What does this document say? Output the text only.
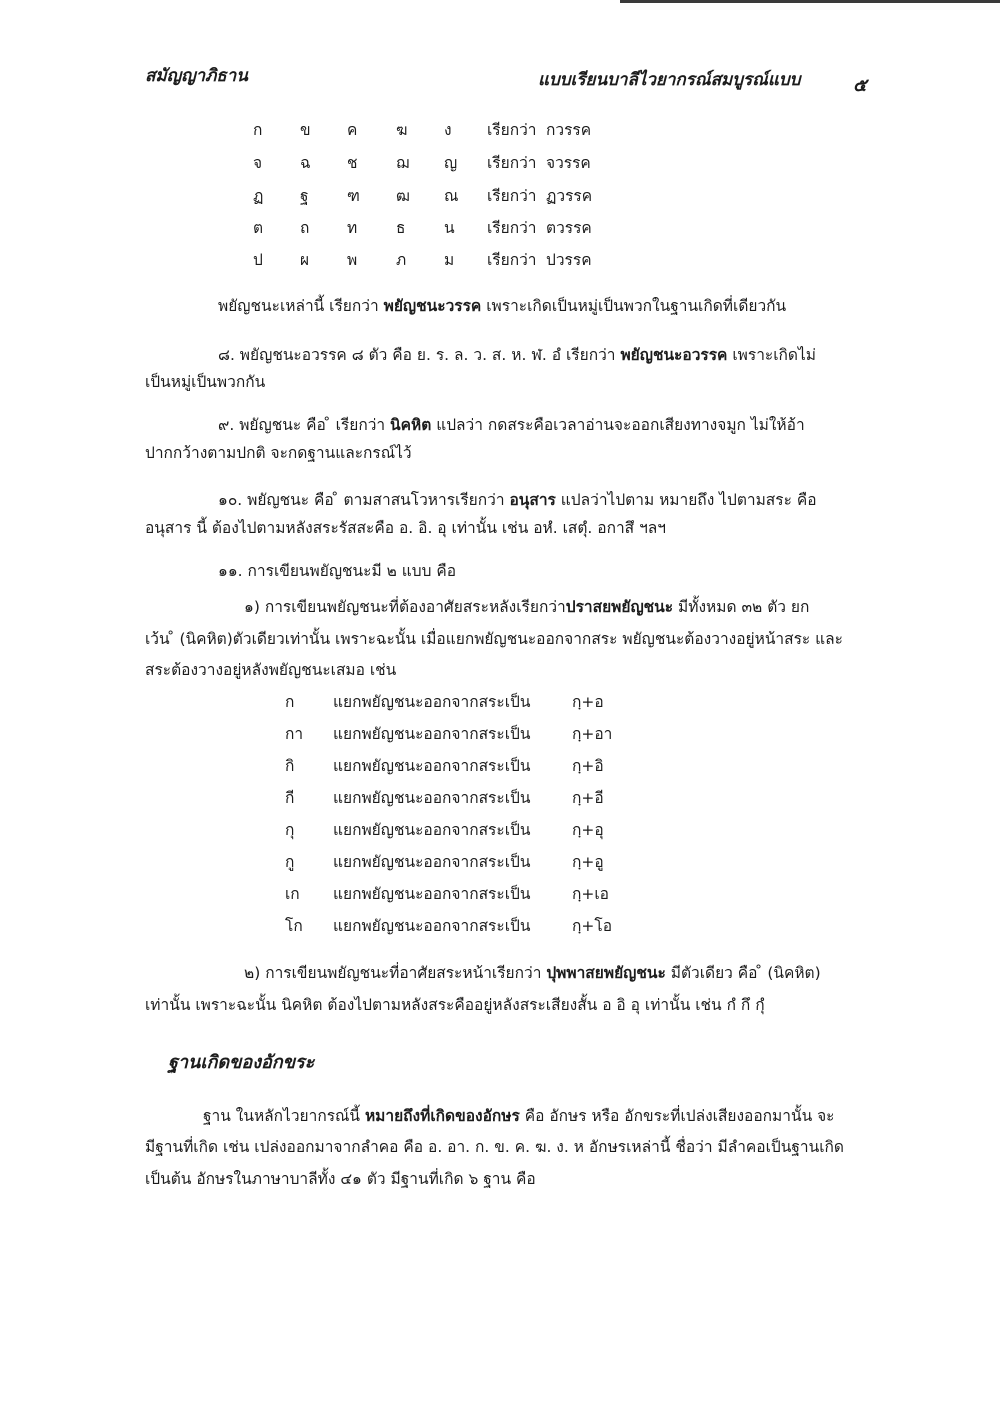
สมัญญาภิธาน	แบบเรียนบาลีไวยากรณ์สมบูรณ์แบบ	๕
ก ข ค ฆ ง เรียกว่า กวรรค
จ ฉ ช ฌ ญ เรียกว่า จวรรค
ฏ ฐ ฑ ฒ ณ เรียกว่า ฏวรรค
ต ถ ท	ธ น เรียกว่า ตวรรค
ป ผ พ	ภ ม เรียกว่า ปวรรค
พยัญชนะเหล่านี้ เรียกว่า พยัญชนะวรรค เพราะเกิดเป็นหมู่เป็นพวกในฐานเกิดที่เดียวกัน
๘. พยัญชนะอวรรค ๘ ตัว คือ ย. ร. ล. ว. ส. ห. ฬ. อํ เรียกว่า พยัญชนะอวรรค เพราะเกิดไม่
เป็นหมู่เป็นพวกกัน
๙. พยัญชนะ คือ ̊ เรียกว่า นิคหิต แปลว่า กดสระคือเวลาอ่านจะออกเสียงทางจมูก ไม่ให้อ้า
ปากกว้างตามปกติ จะกดฐานและกรณ์ไว้
๑๐. พยัญชนะ คือ ̊ ตามสาสนโวหารเรียกว่า อนุสาร แปลว่าไปตาม หมายถึง ไปตามสระ คือ
อนุสาร นี้ ต้องไปตามหลังสระรัสสะคือ อ. อิ. อุ เท่านั้น เช่น อหํ. เสตุํ. อกาสึ ฯลฯ
๑๑. การเขียนพยัญชนะมี ๒ แบบ คือ
๑) การเขียนพยัญชนะที่ต้องอาศัยสระหลังเรียกว่าปราสยพยัญชนะ มีทั้งหมด ๓๒ ตัว ยก
เว้น ̊ (นิคหิต)ตัวเดียวเท่านั้น เพราะฉะนั้น เมื่อแยกพยัญชนะออกจากสระ พยัญชนะต้องวางอยู่หน้าสระ และ
สระต้องวางอยู่หลังพยัญชนะเสมอ เช่น
ก แยกพยัญชนะออกจากสระเป็น	กฺ+อ
กา แยกพยัญชนะออกจากสระเป็น	กฺ+อา
กิ แยกพยัญชนะออกจากสระเป็น	กฺ+อิ
กี แยกพยัญชนะออกจากสระเป็น	กฺ+อี
กุ แยกพยัญชนะออกจากสระเป็น	กฺ+อุ
กู แยกพยัญชนะออกจากสระเป็น	กฺ+อู
เก แยกพยัญชนะออกจากสระเป็น	กฺ+เอ
โก แยกพยัญชนะออกจากสระเป็น	กฺ+โอ
๒) การเขียนพยัญชนะที่อาศัยสระหน้าเรียกว่า ปุพพาสยพยัญชนะ มีตัวเดียว คือ ̊ (นิคหิต)
เท่านั้น เพราะฉะนั้น นิคหิต ต้องไปตามหลังสระคืออยู่หลังสระเสียงสั้น อ อิ อุ เท่านั้น เช่น กํ กึ กุํ
ฐานเกิดของอักขระ
ฐาน ในหลักไวยากรณ์นี้ หมายถึงที่เกิดของอักษร คือ อักษร หรือ อักขระที่เปล่งเสียงออกมานั้น จะ
มีฐานที่เกิด เช่น เปล่งออกมาจากลำคอ คือ อ. อา. ก. ข. ค. ฆ. ง. ห อักษรเหล่านี้ ชื่อว่า มีลำคอเป็นฐานเกิด
เป็นต้น อักษรในภาษาบาลีทั้ง ๔๑ ตัว มีฐานที่เกิด ๖ ฐาน คือ
